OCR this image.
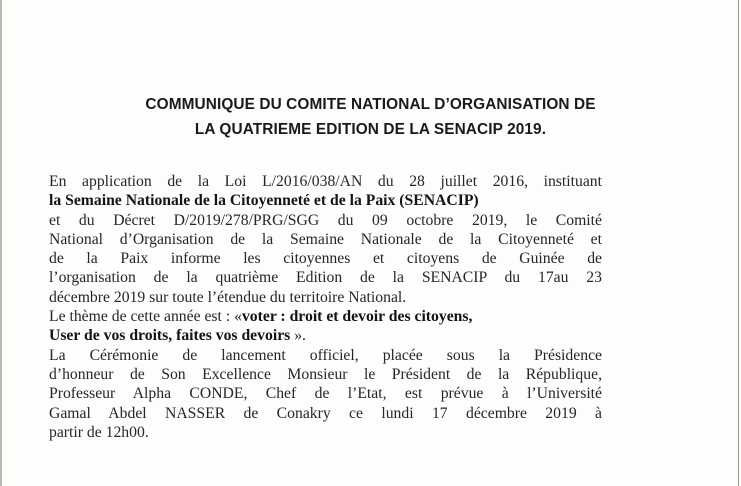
COMMUNIQUE DU COMITE NATIONAL D’ORGANISATION DE
LA QUATRIEME EDITION DE LA SENACIP 2019.
En application de la Loi L/2016/038/AN du 28 juillet 2016, instituant
la Semaine Nationale de la Citoyenneté et de la Paix (SENACIP)
et du Décret D/2019/278/PRG/SGG du 09 octobre 2019, le Comité
National d’Organisation de la Semaine Nationale de la Citoyenneté et
de la Paix informe les citoyennes et citoyens de Guinée de
l’organisation de la quatrième Edition de la SENACIP du 17au 23
décembre 2019 sur toute l’étendue du territoire National.
Le thème de cette année est : «voter : droit et devoir des citoyens,
User de vos droits, faites vos devoirs ».
La Cérémonie de lancement officiel, placée sous la Présidence
d’honneur de Son Excellence Monsieur le Président de la République,
Professeur Alpha CONDE, Chef de l’Etat, est prévue à l’Université
Gamal Abdel NASSER de Conakry ce lundi 17 décembre 2019 à
partir de 12h00.
